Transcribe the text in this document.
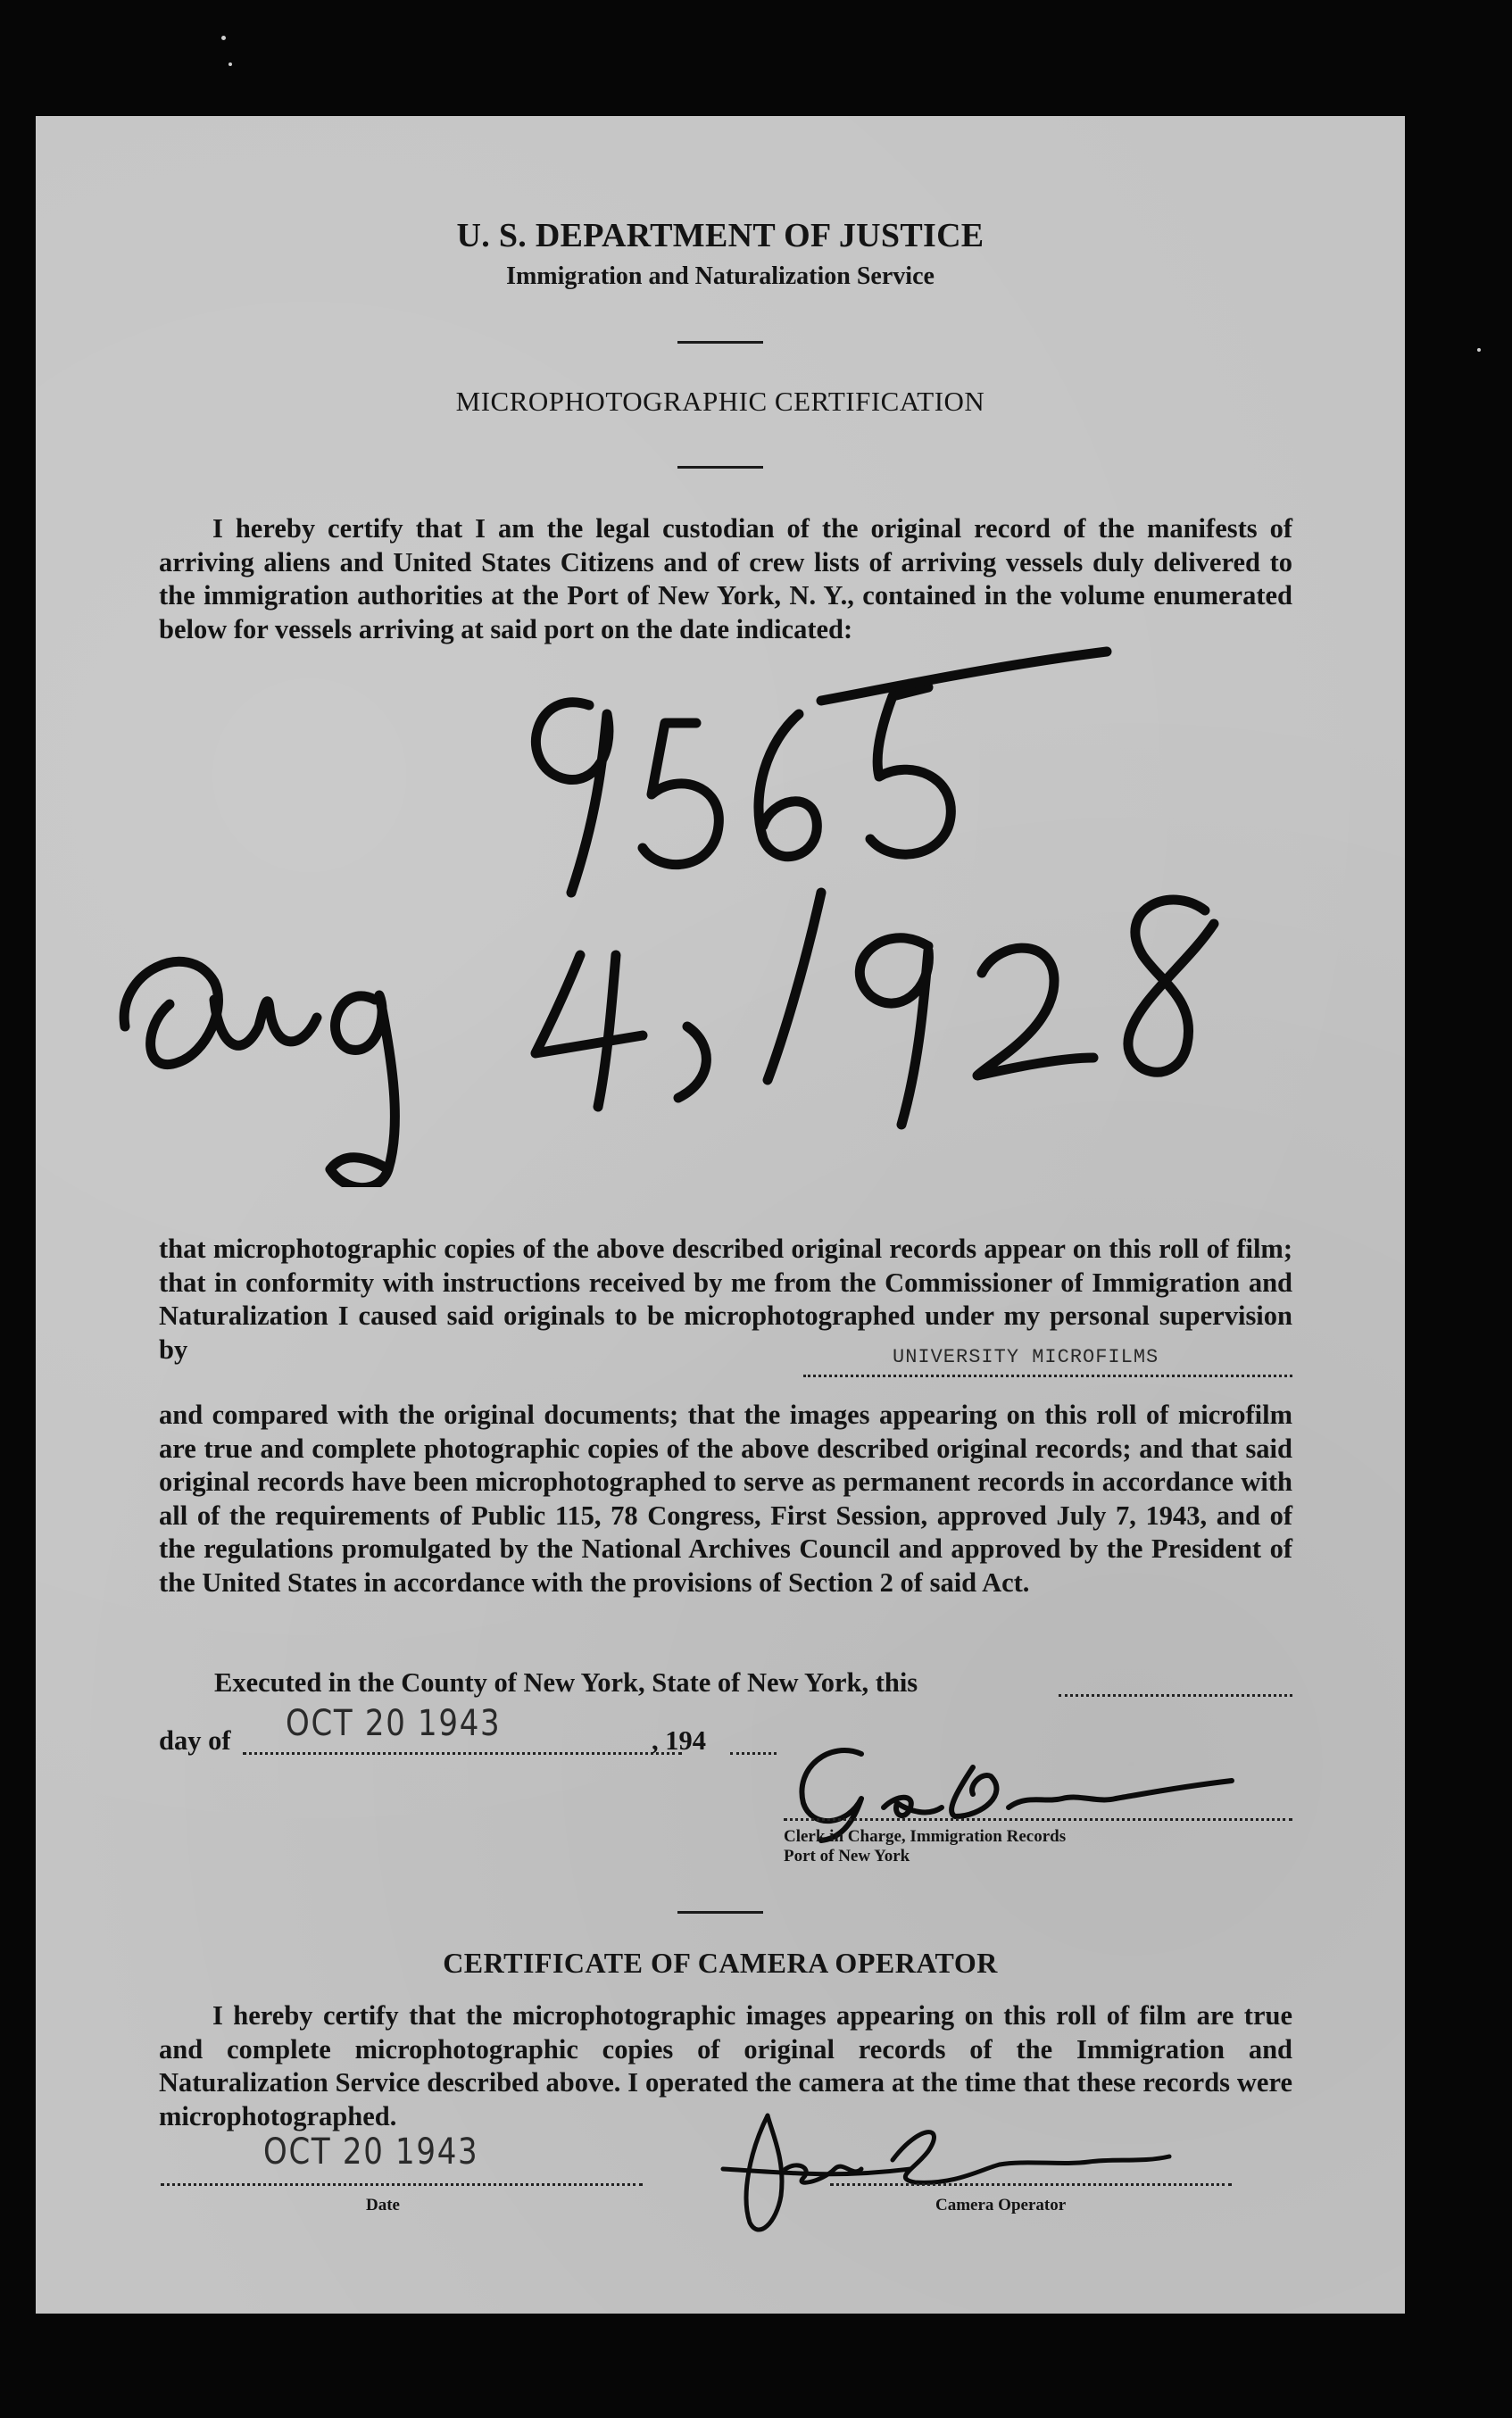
U. S. DEPARTMENT OF JUSTICE
Immigration and Naturalization Service
MICROPHOTOGRAPHIC CERTIFICATION

I hereby certify that I am the legal custodian of the original record of the manifests of arriving aliens and United States Citizens and of crew lists of arriving vessels duly delivered to the immigration authorities at the Port of New York, N. Y., contained in the volume enumerated below for vessels arriving at said port on the date indicated:

that microphotographic copies of the above described original records appear on this roll of film; that in conformity with instructions received by me from the Commissioner of Immigration and Naturalization I caused said originals to be microphotographed under my personal supervision by	UNIVERSITY MICROFILMS

and compared with the original documents; that the images appearing on this roll of microfilm are true and complete photographic copies of the above described original records; and that said original records have been microphotographed to serve as permanent records in accordance with all of the requirements of Public 115, 78 Congress, First Session, approved July 7, 1943, and of the regulations promulgated by the National Archives Council and approved by the President of the United States in accordance with the provisions of Section 2 of said Act.

Executed in the County of New York, State of New York, this
day of OCT 20 1943	, 194
Clerk in Charge, Immigration Records
Port of New York
CERTIFICATE OF CAMERA OPERATOR

I hereby certify that the microphotographic images appearing on this roll of film are true and complete microphotographic copies of original records of the Immigration and Naturalization Service described above. I operated the camera at the time that these records were microphotographed.

OCT 20 1943
Date	Camera Operator
